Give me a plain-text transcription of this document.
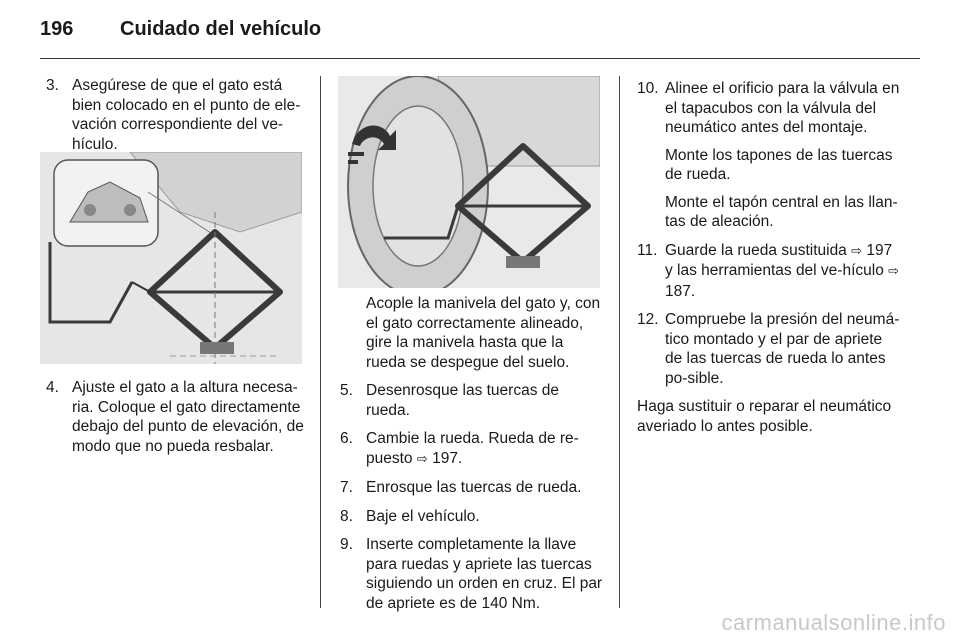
196 Cuidado del vehículo
3. Asegúrese de que el gato está bien colocado en el punto de ele-vación correspondiente del ve-hículo.

4. Ajuste el gato a la altura necesa-ria. Coloque el gato directamente debajo del punto de elevación, de modo que no pueda resbalar.

Acople la manivela del gato y, con el gato correctamente alineado, gire la manivela hasta que la rueda se despegue del suelo.

5. Desenrosque las tuercas de rueda.

6. Cambie la rueda. Rueda de re-puesto ⇨ 197.

7. Enrosque las tuercas de rueda.

8. Baje el vehículo.

9. Inserte completamente la llave para ruedas y apriete las tuercas siguiendo un orden en cruz. El par de apriete es de 140 Nm.

10. Alinee el orificio para la válvula en el tapacubos con la válvula del neumático antes del montaje.

Monte los tapones de las tuercas de rueda.

Monte el tapón central en las llan-tas de aleación.

11. Guarde la rueda sustituida ⇨ 197 y las herramientas del ve-hículo ⇨ 187.

12. Compruebe la presión del neumá-tico montado y el par de apriete de las tuercas de rueda lo antes po-sible.

Haga sustituir o reparar el neumático averiado lo antes posible.

carmanualsonline.info
